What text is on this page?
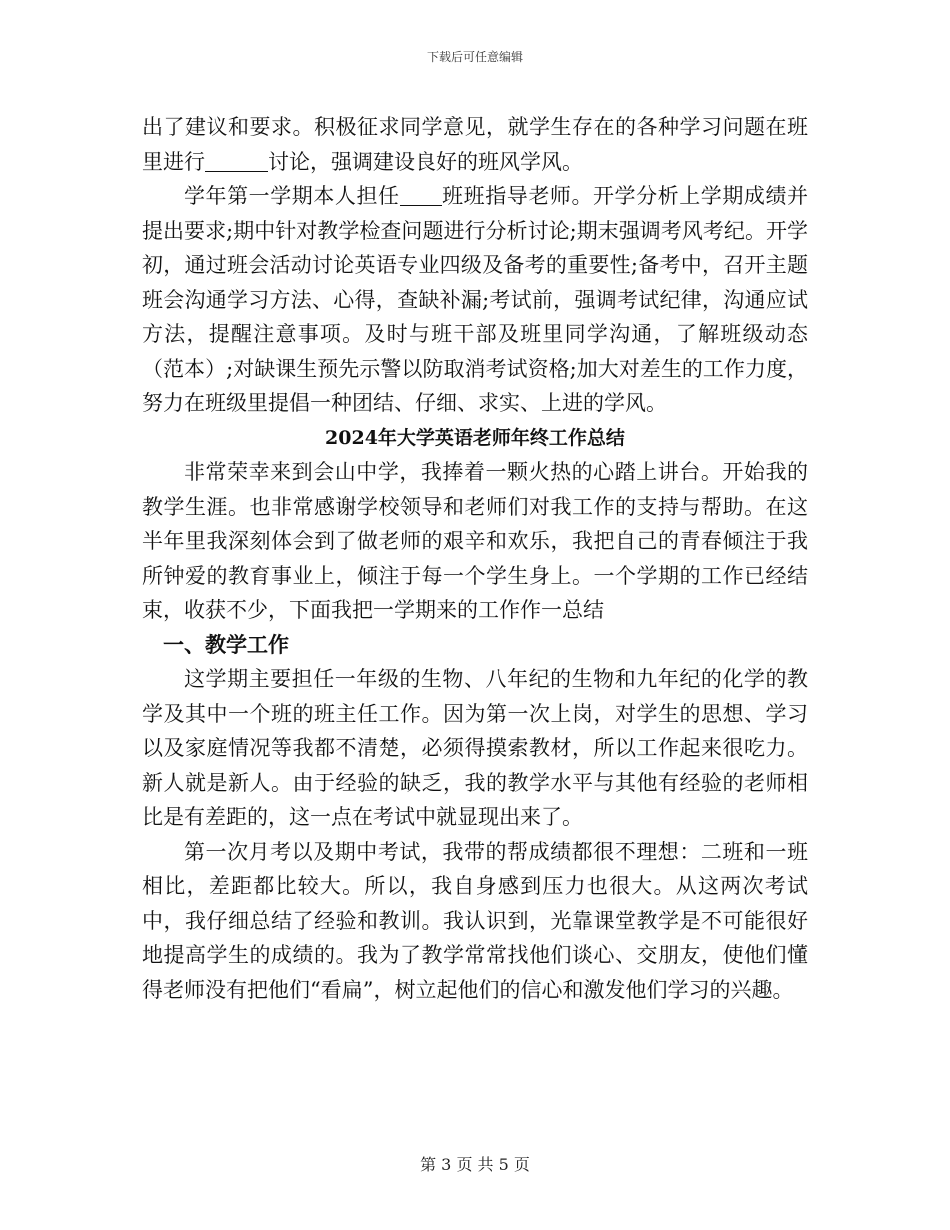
下载后可任意编辑

出了建议和要求。积极征求同学意见，就学生存在的各种学习问题在班里进行	讨论，强调建设良好的班风学风。

学年第一学期本人担任 班班指导老师。开学分析上学期成绩并提出要求;期中针对教学检查问题进行分析讨论;期末强调考风考纪。开学初，通过班会活动讨论英语专业四级及备考的重要性;备考中，召开主题班会沟通学习方法、心得，查缺补漏;考试前，强调考试纪律，沟通应试方法，提醒注意事项。及时与班干部及班里同学沟通，了解班级动态（范本）;对缺课生预先示警以防取消考试资格;加大对差生的工作力度，努力在班级里提倡一种团结、仔细、求实、上进的学风。

2024年大学英语老师年终工作总结

非常荣幸来到会山中学，我捧着一颗火热的心踏上讲台。开始我的教学生涯。也非常感谢学校领导和老师们对我工作的支持与帮助。在这半年里我深刻体会到了做老师的艰辛和欢乐，我把自己的青春倾注于我所钟爱的教育事业上，倾注于每一个学生身上。一个学期的工作已经结束，收获不少，下面我把一学期来的工作作一总结

一、教学工作

这学期主要担任一年级的生物、八年纪的生物和九年纪的化学的教学及其中一个班的班主任工作。因为第一次上岗，对学生的思想、学习以及家庭情况等我都不清楚，必须得摸索教材，所以工作起来很吃力。新人就是新人。由于经验的缺乏，我的教学水平与其他有经验的老师相比是有差距的，这一点在考试中就显现出来了。

第一次月考以及期中考试，我带的帮成绩都很不理想：二班和一班相比，差距都比较大。所以，我自身感到压力也很大。从这两次考试中，我仔细总结了经验和教训。我认识到，光靠课堂教学是不可能很好地提高学生的成绩的。我为了教学常常找他们谈心、交朋友，使他们懂得老师没有把他们“看扁”，树立起他们的信心和激发他们学习的兴趣。

第 3 页 共 5 页
